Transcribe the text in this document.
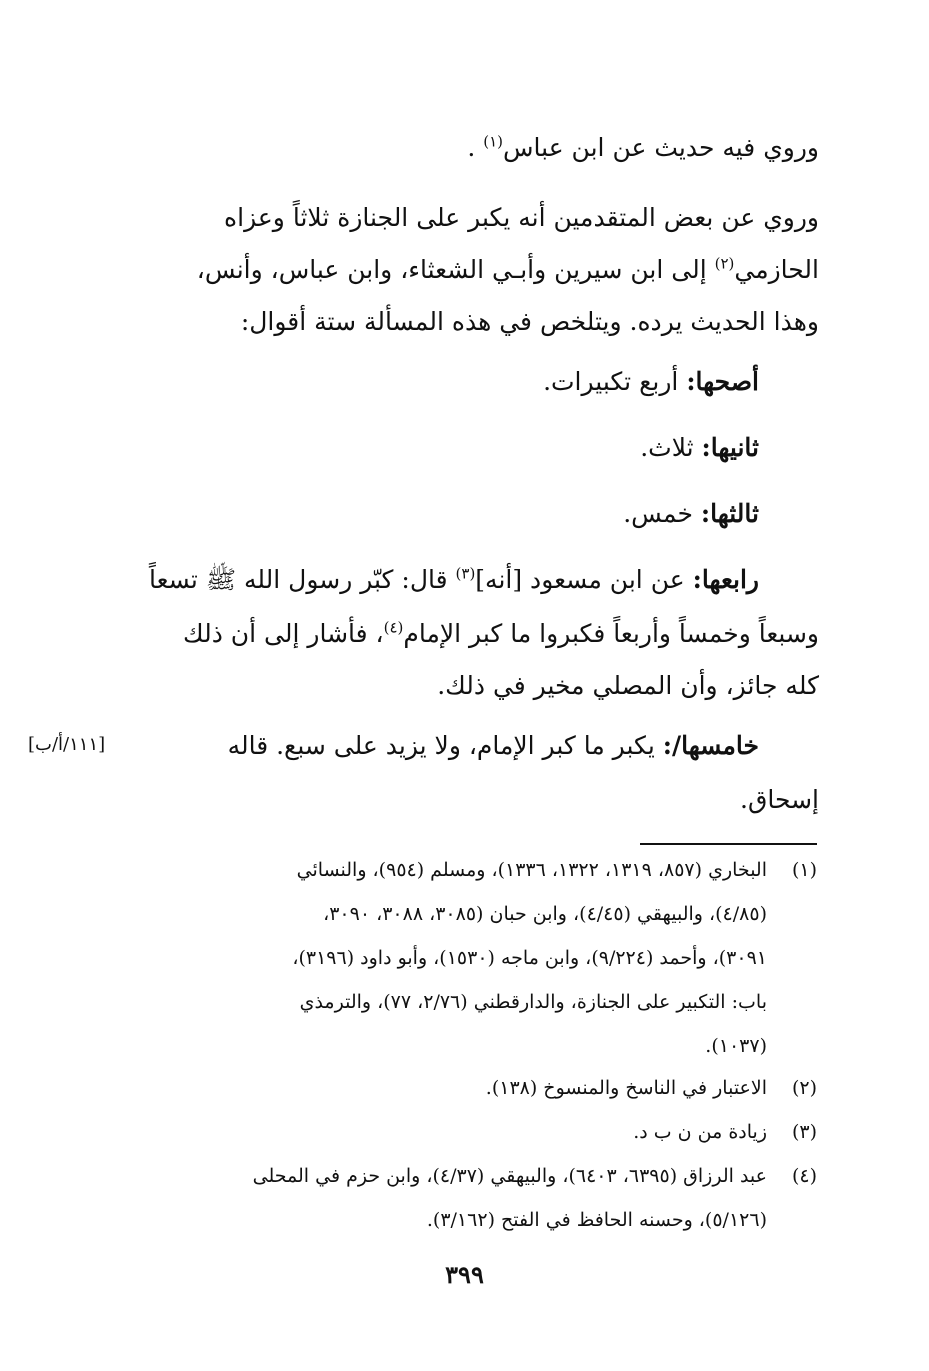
وروي فيه حديث عن ابن عباس$^{(١)}$ .

وروي عن بعض المتقدمين أنه يكبر على الجنازة ثلاثاً وعزاه

الحازمي$^{(٢)}$ إلى ابن سيرين وأبـي الشعثاء، وابن عباس، وأنس،

وهذا الحديث يرده. ويتلخص في هذه المسألة ستة أقوال:

أصحها: أربع تكبيرات.

ثانيها: ثلاث.

ثالثها: خمس.

رابعها: عن ابن مسعود [أنه]$^{(٣)}$ قال: كبّر رسول الله ﷺ تسعاً

وسبعاً وخمساً وأربعاً فكبروا ما كبر الإمام$^{(٤)}$، فأشار إلى أن ذلك

كله جائز، وأن المصلي مخير في ذلك.

خامسها/: يكبر ما كبر الإمام، ولا يزيد على سبع. قاله

إسحاق.

[١١١/أ/ب]

(١)

البخاري (٨٥٧، ١٣١٩، ١٣٢٢، ١٣٣٦)، ومسلم (٩٥٤)، والنسائي

(٤/٨٥)، والبيهقي (٤/٤٥)، وابن حبان (٣٠٨٥، ٣٠٨٨، ٣٠٩٠،

٣٠٩١)، وأحمد (٩/٢٢٤)، وابن ماجه (١٥٣٠)، وأبو داود (٣١٩٦)،

باب: التكبير على الجنازة، والدارقطني (٢/٧٦، ٧٧)، والترمذي

(١٠٣٧).

(٢)

الاعتبار في الناسخ والمنسوخ (١٣٨).

(٣)

زيادة من ن ب د.

(٤)

عبد الرزاق (٦٣٩٥، ٦٤٠٣)، والبيهقي (٤/٣٧)، وابن حزم في المحلى

(٥/١٢٦)، وحسنه الحافظ في الفتح (٣/١٦٢).

٣٩٩
